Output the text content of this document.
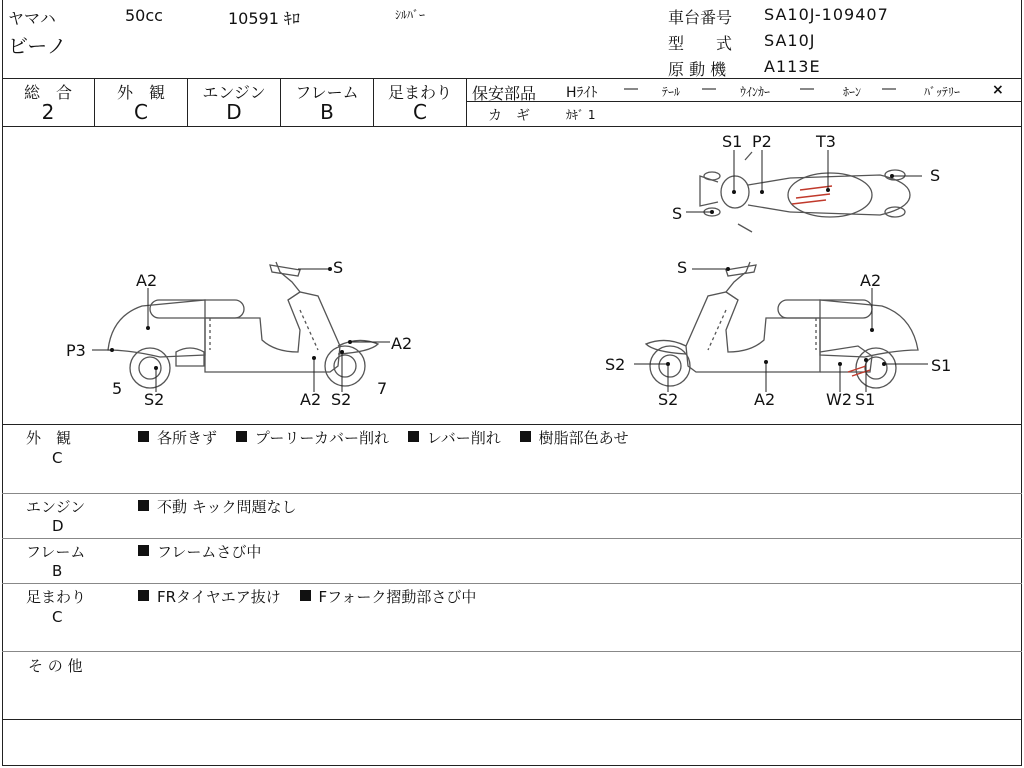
ヤマハ
ビーノ
50cc	10591 ｷﾛ	ｼﾙﾊﾞｰ	車台番号 SA10J-109407
型　　式 SA10J
原 動 機 A113E
総　合
2
外　観
C
エンジン
D
フレーム
B
足まわり
C
保安部品 Hﾗｲﾄ ― ﾃｰﾙ ― ｳｲﾝｶｰ ― ﾎｰﾝ ― ﾊﾞｯﾃﾘｰ ×
カ　ギ	ｶｷﾞ 1
S
A2
P3	A2
5
S2	A2 S2
7
S1 P2	T3
S
S
S
A2
S2	S1
S2	A2	W2 S1
外　観
C
各所きず	プーリーカバー削れ	レバー削れ	樹脂部色あせ
エンジン
D
不動 キック問題なし
フレーム
B
フレームさび中
足まわり
C
FRタイヤエア抜け	Fフォーク摺動部さび中
そ の 他
